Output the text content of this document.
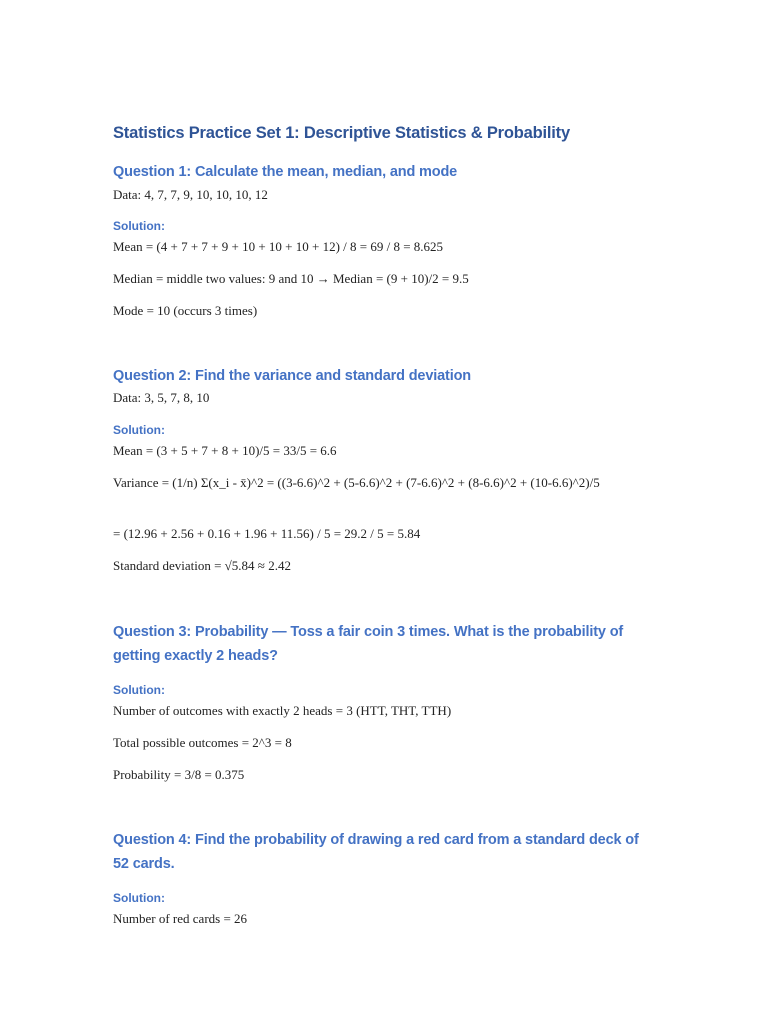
Statistics Practice Set 1: Descriptive Statistics & Probability
Question 1: Calculate the mean, median, and mode
Data: 4, 7, 7, 9, 10, 10, 10, 12
Solution:
Mean = (4 + 7 + 7 + 9 + 10 + 10 + 10 + 12) / 8 = 69 / 8 = 8.625
Median = middle two values: 9 and 10 → Median = (9 + 10)/2 = 9.5
Mode = 10 (occurs 3 times)
Question 2: Find the variance and standard deviation
Data: 3, 5, 7, 8, 10
Solution:
Mean = (3 + 5 + 7 + 8 + 10)/5 = 33/5 = 6.6
Variance = (1/n) Σ(x_i - x̄)^2 = ((3-6.6)^2 + (5-6.6)^2 + (7-6.6)^2 + (8-6.6)^2 + (10-6.6)^2)/5
= (12.96 + 2.56 + 0.16 + 1.96 + 11.56) / 5 = 29.2 / 5 = 5.84
Standard deviation = √5.84 ≈ 2.42
Question 3: Probability — Toss a fair coin 3 times. What is the probability of getting exactly 2 heads?
Solution:
Number of outcomes with exactly 2 heads = 3 (HTT, THT, TTH)
Total possible outcomes = 2^3 = 8
Probability = 3/8 = 0.375
Question 4: Find the probability of drawing a red card from a standard deck of 52 cards.
Solution:
Number of red cards = 26
